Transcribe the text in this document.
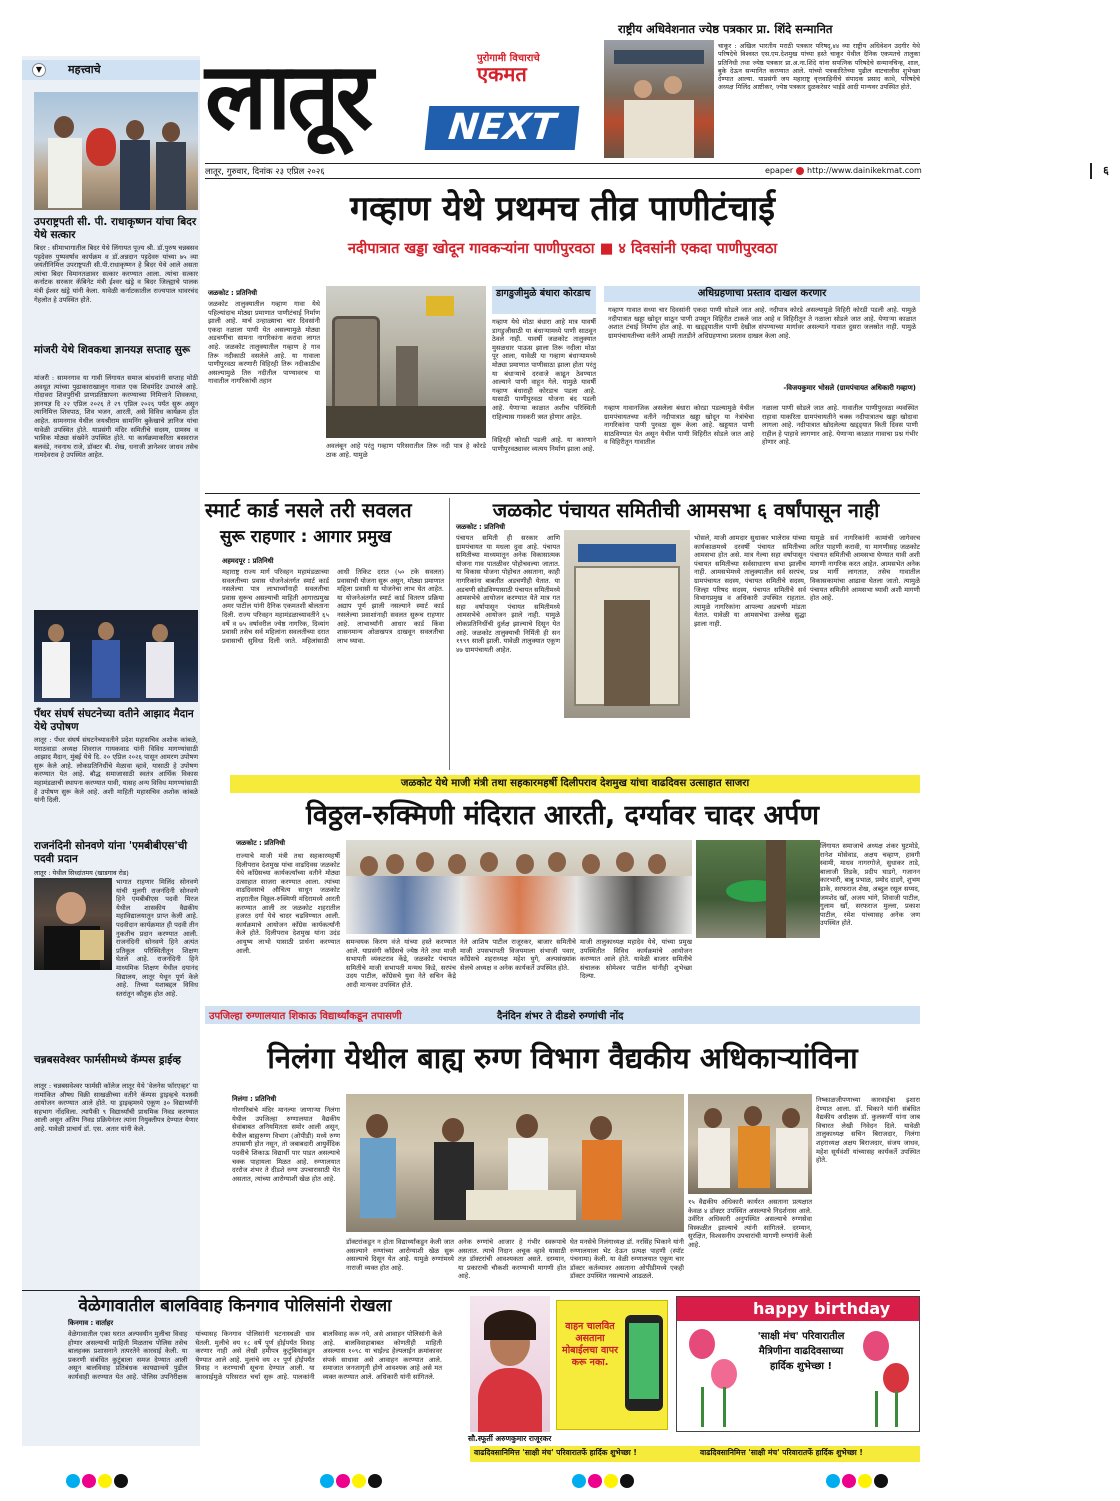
लातूर	पुरोगामी विचाराचे
एकमत
NEXT
राष्ट्रीय अधिवेशनात ज्येष्ठ पत्रकार प्रा. शिंदे सन्मानित
चाकूर : अखिल भारतीय मराठी पत्रकार परिषद्,४४ व्या राष्ट्रीय अधिवेशन उदगीर येथे परिषदेचे विश्वस्त एस.एम.देशमुख यांच्या हस्ते चाकूर येथील दैनिक एकमतचे तालुका प्रतिनिधी तथा ज्येष्ठ पत्रकार प्रा.अ.ना.शिंदे यांना सपत्निक परिषदेचे सन्मानचिन्ह, शाल, बुके देऊन सन्मानित करण्यात आले. यांच्यो पत्रकारितेच्या पुढील वाटचालीस शुभेच्छा देण्यात आल्या. याप्रसंगी जय महाराष्ट्र वृत्तवाहिनीचे संपादक प्रसाद काथे, परिषदेचे अध्यक्ष मिलिंद आष्टीकर, ज्येष्ठ पत्रकार दुळकरेसर भाईडे आदी मान्यवर उपस्थित होते.
लातूर, गुरुवार, दिनांक २३ एप्रिल २०२६	epaper http://www.dainikekmat.com	६
▼	महत्त्वाचे
उपराष्ट्रपती सी. पी. राधाकृष्णन यांचा बिदर येथे सत्कार
बिदर : सीमाभागातील बिदर येथे लिंगायत पूज्य श्री. डॉ.पुरुष चन्नबसव पट्टदेवरु पुष्पवर्षाव कार्यक्रम व डॉ.अन्नदान पट्टदेवरु यांच्या ७५ व्या जयंतीनिमित्त उपराष्ट्रपती सी.पी.राधाकृष्णन हे बिदर येथे आले असता त्यांचा बिदर विमानतळावर सत्कार करण्यात आला. त्यांचा सत्कार कर्नाटक सरकार कॅबिनेट मंत्री ईश्वर खंड्रे व बिदर जिल्ह्याचे पालक मंत्री ईश्वर खंड्रे यांनी केला. यावेळी कर्नाटकातील राज्यपाल थावरचंद गेहलोत हे उपस्थित होते.
मांजरी येथे शिवकथा ज्ञानयज्ञ सप्ताह सुरू
मांजरी : सामनगाव या गावी लिंगायत समाज बांधवांनी सप्ताह मोठी अवधूत त्यांच्या पुढाकाराखालून गावात एक शिवमंदिर उभारले आहे. गोदावरा शिवपुरीची प्राणप्रतिष्ठापना करण्याच्या निमित्ताने शिवकथा, ज्ञानयज्ञ दि २२ एप्रिल २०२६ ते २९ एप्रिल २०२६ पर्यंत सुरू असून त्यानिमित्त शिवपाठ, शिव भजन, आरती, असे विविध कार्यक्रम होत आहेत. सामनगाव येथील जयश्रीराम सामनिंग बुकेखाचे ज्ञानिज यांचा यावेळी उपस्थित होते. याप्रसंगी मंदिर समितीचे सदस्य, ग्रामस्थ व भाविक मोठ्या संख्येने उपस्थित होते. या कार्यक्रमाकरिता बसवराज बलवंडे, नवनाथ राजे, डॉक्टर बी. शेख, धनाजी ज्ञानेश्वर जाधव तसेच नामदेवराव हे उपस्थित आहेत.
पँथर संघर्ष संघटनेच्या वतीने आझाद मैदान येथे उपोषण
लातूर : पँथर संघर्ष संघटनेच्यावतीने प्रदेश महासचिव अशोक कांबळे, मराठवाडा अध्यक्ष शिवराज गायकवाड यांनी विविध मागण्यांसाठी आझाद मैदान, मुंबई येथे दि. २० एप्रिल २०२६ पासून आमरण उपोषण सुरू केले आहे. लोकप्रतिनिधींचे मेळावा व्हावे, यासाठी हे उपोषण करण्यात येत आहे. बौद्ध समाजासाठी स्वतंत्र आर्थिक विकास महामंडळाची स्थापना करण्यात यावी, यासह अन्य विविध मागण्यांसाठी हे उपोषण सुरू केले आहे. अशी माहिती महासचिव अशोक कांबळे यांनी दिली.
राजनंदिनी सोनवणे यांना 'एमबीबीएस'ची पदवी प्रदान
लातूर : येथील सिध्दांतमय (खाडगाव रोड)
भागात राहणार मिलिंद सोनवणे यांची मुलगी राजनंदिनी सोनवणे हिने एमबीबीएस पदवी मिरज येथील शासकीय वैद्यकीय महाविद्यालयातून प्राप्त केली आहे. पदवीदान कार्यक्रमात ही पदवी तीन नुकतीच प्रदान करण्यात आली. राजनंदिनी सोनवणे हिने अत्यंत प्रतिकूल परिस्थितीतून शिक्षण घेतले आहे. राजनंदिनी हिने माध्यमिक शिक्षण येथील दयानंद विद्यालय, लातूर येथून पूर्ण केले आहे. तिच्या यशाबद्दल विविध स्तरांतून कौतुक होत आहे.
चन्नबसवेश्वर फार्मसीमध्ये कॅम्पस ड्राईव्ह
लातूर : चन्नबसवेश्वर फार्मसी कॉलेज लातूर येथे 'वेलनेस फॉरएव्हर' या नामांकित औषध विक्री साखळीच्या वतीने कॅम्पस ड्राइव्हचे यशस्वी आयोजन करण्यात आले होते. या ड्राइव्हमध्ये एकूण ३० विद्यार्थ्यांनी सहभाग नोंदविला. त्यापैकी ९ विद्यार्थ्यांची प्राथमिक निवड करण्यात आली असून अंतिम निवड प्रक्रियेनंतर त्यांना नियुक्तीपत्र देण्यात येणार आहे. यावेळी प्राचार्य डॉ. एस. अतार यांनी केले.
गव्हाण येथे प्रथमच तीव्र पाणीटंचाई
नदीपात्रात खड्डा खोदून गावकऱ्यांना पाणीपुरवठा ■ ४ दिवसांनी एकदा पाणीपुरवठा
जळकोट : प्रतिनिधी
जळकोट तालुक्यातील गव्हाण गावा येथे पहिल्यांदाच मोठ्या प्रमाणात पाणीटंचाई निर्माण झाली आहे. मार्च उन्हाळ्याचा चार दिवसांनी एकदा नळाला पाणी येत असल्यामुळे मोठ्या अडचणींचा सामना नागरिकांना करावा लागत आहे. जळकोट तालुक्यातील गव्हाण हे गाव तिरू नदीकाठी वसलेले आहे. या गावाला पाणीपुरवठा करणारी विहिरही तिरू नदीकाठीच असल्यामुळे तिरु नदीतील पाण्यावरच या गावातील नागरिकांची तहान
अवलंबून आहे परंतु गव्हाण परिसरातील तिरू नदी पात्र हे कोरडे ठाक आहे. यामुळे
डागडुजीमुळे बंधारा कोरडाच
गव्हाण येथे मोठा बंधारा आहे मात्र यावर्षी डागडुजीसाठी या बंधाऱ्यामध्ये पाणी साठवून ठेवले नाही. यावर्षी जळकोट तालुक्यात मुसळधार पाऊस झाला तिरू नदीला मोठा पूर आला, यावेळी या गव्हाण बंधाऱ्यामध्ये मोठ्या प्रमाणात पाणीसाठा झाला होता परंतु या बंधाऱ्याचे दरवाजे काढून ठेवण्यात आल्याने पाणी वाहून गेले. यामुळे यावर्षी गव्हाण बंधाराही कोरडाच पडला आहे. यासाठी पाणीपुरवठा योजना बंद पडली आहे. येणाऱ्या काळात अशीच परिस्थिती राहिल्यास गावकरी त्रस्त होणार आहेत.
विहिरही कोरडी पडली आहे. या कारणाने पाणीपुरवठ्यावर व्यत्यय निर्माण झाला आहे.
अधिग्रहणाचा प्रस्ताव दाखल करणार
गव्हाण गावात सध्या चार दिवसांनी एकदा पाणी सोडले जात आहे. नदीपात्र कोरडे असल्यामुळे विहिरी कोरडी पडली आहे. यामुळे नदीपात्रात खड्डा खोदून साठून पाणी उपसून विहिरीत टाकले जात आहे व विहिरीतून ते नळाला सोडले जात आहे. येणाऱ्या काळात अशात टंचाई निर्माण होत आहे. या खड्ड्यातील पाणी देखील संपण्याच्या मार्गावर असल्याने गावात दुसरा जलस्रोत नाही. यामुळे ग्रामपंचायतीच्या वतीने आम्ही तातडीने अधिग्रहणाचा प्रस्ताव दाखल केला आहे.
-विजयकुमार भोसले (ग्रामपंचायत अधिकारी गव्हाण)
गव्हाण गावानजिक असलेला बंधारा कोरडा पडल्यामुळे येथील ग्रामपंचायतच्या वतीने नदीपात्रात खड्डा खोदून या नेत्रांचेचा नागरिकांना पाणी पुरवठा सुरू केला आहे. खड्डयात पाणी साठविण्यात येत असून येथील पाणी विहिरीत सोडले जात आहे व विहिरीतून गावातील
नळाला पाणी सोडले जात आहे. गावातील पाणीपुरवठा व्यवस्थित राहावा याकरिता ग्रामपंचायतीने चक्क नदीपात्रातच खड्डा खोदावा लागला आहे. नदीपात्रात खोदलेल्या खड्ड्यात किती दिवस पाणी राहील हे पाहावे लागणार आहे. येणाऱ्या काळात गावाचा प्रश्न गंभीर होणार आहे.
स्मार्ट कार्ड नसले तरी सवलत
सुरू राहणार : आगार प्रमुख
अहमदपूर : प्रतिनिधी
महाराष्ट्र राज्य मार्ग परिवहन महामंडळाच्या सवलतीच्या प्रवास योजनेअंतर्गत स्मार्ट कार्ड नसलेल्या पात्र लाभार्थ्यांनाही सवलतीचा प्रवास सुरूच असल्याची माहिती आगारप्रमुख अमर पाटील यांनी दैनिक एकमतशी बोलताना दिली. राज्य परिवहन महामंडळाच्यावतीने ६५ वर्षे व ७५ वर्षावरील ज्येष्ठ नागरिक, दिव्यांग प्रवासी तसेच सर्व महिलांना सवलतीच्या दरात प्रवासाची सुविधा दिली जाते. महिलांसाठी आधी तिकिट दरात (५० टके सवलत) प्रवासाची योजना सुरू असून, मोठ्या प्रमाणात महिला प्रवासी या योजनेचा लाभ घेत आहेत. या योजनेअंतर्गत स्मार्ट कार्ड वितरण प्रक्रिया अद्याप पूर्ण झाली नसल्याने स्मार्ट कार्ड नसलेल्या प्रवाशांनाही सवलत सुरूच राहणार आहे. लाभार्थ्यांनी आधार कार्ड किंवा शासनमान्य ओळखपत्र दाखवून सवलतीचा लाभ घ्यावा.
जळकोट पंचायत समितीची आमसभा ६ वर्षांपासून नाही
जळकोट : प्रतिनिधी
पंचायत समिती ही सरकार आणि ग्रामपंचायत या मधला दुवा आहे. पंचायत समितीच्या माध्यमातून अनेक विकासात्मक योजना गाव पातळीवर पोहोचवल्या जातात. या विकास योजना पोहोचत असताना, काही नागरिकांना बाबतीत अडचणीही येतात. या अडचणी सोडविण्यासाठी पंचायत समितीमध्ये आमसभेचे आयोजन करण्यात येते मात्र गत सहा वर्षापासून पंचायत समितीमध्ये आमसभेचे आयोजन झाले नाही. यामुळे लोकप्रतिनिधींची दुर्लक्ष झाल्याचे दिसून येत आहे. जळकोट तालुक्याची निर्मिती ही सन १९९९ साली झाली. यावेळी तालुक्यात एकूण ४७ ग्रामपंचायती आहेत.
भोसले, माजी आमदार सुधाकर भालेराव यांच्या कार्यकाळमध्ये दरवर्षी पंचायत समितीच्या आमसभा होत असे. मात्र गेल्या सहा वर्षापासून पंचायत समितीच्या सर्वसाधारण सभा झालीच नाही. आमसभेमध्ये तालुक्यातील सर्व सरपंच, ग्रामपंचायत सदस्य, पंचायत समितीचे सदस्य, जिल्हा परिषद सदस्य, पंचायत समितीचे सर्व विभागप्रमुख व अधिकारी उपस्थित राहतात. त्यामुळे नागरिकांना आपल्या अडचणी मांडता येतात. यावेळी या आमसभेचा उल्लेख सुद्धा झाला नाही.
यामुळे सर्व नागरिकांनी कामांची जागेवरच त्वरित पाहणी करावी, या मागणीसह जळकोट पंचायत समितीची आमसभा घेण्यात यावी अशी मागणी नागरिक करत आहेत. आमसभेत अनेक प्रश्न मार्गी लागतात, तसेच गावातील विकासकामांचा आढावा घेतला जातो. त्यामुळे पंचायत समितीने आमसभा घ्यावी अशी मागणी होत आहे.
जळकोट येथे माजी मंत्री तथा सहकारमहर्षी दिलीपराव देशमुख यांचा वाढदिवस उत्साहात साजरा
विठ्ठल-रुक्मिणी मंदिरात आरती, दर्ग्यावर चादर अर्पण
जळकोट : प्रतिनिधी
राज्याचे माजी मंत्री तथा सहकारमहर्षी दिलीपराव देशमुख यांचा वाढदिवस जळकोट येथे काँग्रेसच्या कार्यकर्त्यांच्या वतीने मोठ्या उत्साहात साजरा करण्यात आला. त्यांच्या वाढदिवसाचे औचित्य साधून जळकोट शहरातील विठ्ठल-रुक्मिणी मंदिरामध्ये आरती करण्यात आली तर जळकोट शहरातील हजरत दर्गा येथे चादर चढविण्यात आली. कार्यक्रमाचे आयोजन काँग्रेस कार्यकर्त्यांनी केले होते. दिलीपराव देशमुख यांना उदंड आयुष्य लाभो यासाठी प्रार्थना करण्यात आली.
समन्वयक किरण वंजे यांच्या हस्ते करण्यात आले. याप्रसंगी काँग्रेसचे ज्येष्ठ नेते तथा माजी सभापती व्यंकटराव केंद्रे, जळकोट पंचायत समितीचे माजी सभापती मन्मथ किडे, सरपंच उदय पाटील, काँग्रेसचे युवा नेते सचिन केंद्रे आदी मान्यवर उपस्थित होते.
नेते आशिष पाटील राजूरकर, बाजार समितीचे माजी उपसभापती विजयमाला संभाजी पवार, काँग्रेसचे शहराध्यक्ष महेश घुगे, अल्पसंख्यांक सेलचे अध्यक्ष व अनेक कार्यकर्ते उपस्थित होते.
माजी तालुकाध्यक्ष महादेव येथे, यांच्या प्रमुख उपस्थितीत विविध कार्यक्रमांचे आयोजन करण्यात आले होते. यावेळी बाजार समितीचे संचालक सोमेश्वर पाटील यांनीही शुभेच्छा दिल्या.
लिंगायत समाजाचे अध्यक्ष शंकर घुटमोडे, रानेश मोसेवाड, अक्षय चव्हाण, हावगी स्वामी, माधव नागरगोजे, सुधाकर ताडे, बालाजी तिडके, प्रदीप घाडगे, गजानन कारभारी, बाबु प्रभाळ, प्रमोद दाडगे, शुभम डाके, सरफराज शेख, अब्दुल रसूल सय्यद, जमशेद खाँ, अजय भांगे, शिवाजी पाटील, गुलाम खाँ, सरफराज मुल्ला, प्रकाश पाटील, रमेश यांच्यासह अनेक जण उपस्थित होते.
उपजिल्हा रुग्णालयात शिकाऊ विद्यार्थ्यांकडून तपासणी	दैनंदिन शंभर ते दीडशे रुग्णांची नोंद
निलंगा येथील बाह्य रुग्ण विभाग वैद्यकीय अधिकाऱ्यांविना
निलंगा : प्रतिनिधी
गोरगरिबांचे मंदिर मानल्या जाणाऱ्या निलंगा येथील उपजिल्हा रुग्णालयात वैद्यकीय सेवांबाबत अनियमितता समोर आली असून, येथील बाह्यरुग्ण विभाग (ओपीडी) मध्ये रुग्ण तपासणी होत नसून, तो जबाबदारी आयुर्वेदिक पदवीचे शिकाऊ विद्यार्थी पार पाडत असल्याचे चक्क पाहायला मिळत आहे. रुग्णालयात दररोज शंभर ते दीडशे रुग्ण उपचारासाठी येत असतात, त्यांच्या आरोग्याशी खेळ होत आहे.
डॉक्टरांकडून न होता विद्यार्थ्यांकडून केली जात असल्याने रुग्णांच्या आरोग्याशी खेळ सुरू असल्याचे दिसून येत आहे. यामुळे रुग्णांमध्ये नाराजी व्यक्त होत आहे.
अनेक रुग्णांचे आजार हे गंभीर स्वरूपाचे असतात. त्याचे निदान अचूक व्हावे यासाठी तज्ञ डॉक्टरांची आवश्यकता असते. दरम्यान, या प्रकाराची चौकशी करण्याची मागणी होत आहे.
घेत मनसेचे निलंगाध्यक्ष डॉ. नरसिंह भिकाने यांनी रुग्णालयाला भेट देऊन प्रत्यक्ष पाहणी (स्पॉट पंचनामा) केली. या वेळी रुग्णालयात एकूण चार डॉक्टर कर्तव्यावर असताना ओपीडीमध्ये एकही डॉक्टर उपस्थित नसल्याचे आढळले.
१५ वैद्यकीय अधिकारी कार्यरत असताना प्रत्यक्षात केवळ ४ डॉक्टर उपस्थित असल्याचे निदर्शनास आले. उर्वरित अधिकारी अनुपस्थित असल्याचे रुग्णसेवा विस्कळीत झाल्याचे त्यांनी सांगितले. दरम्यान, सुरक्षित, विश्वसनीय उपचारांची मागणी रुग्णांनी केली आहे.
निष्काळजीपणाच्या कारवाईचा इशारा देण्यात आला. डॉ. भिकाने यांनी संबंधित वैद्यकीय अधीक्षक डॉ. कुलकर्णी यांना जाब विचारत लेखी निवेदन दिले. यावेळी तालुकाध्यक्ष सचिन बिराजदार, निलंगा शहराध्यक्ष अक्षय बिराजदार, संजय जाधव, महेश सूर्यवंशी यांच्यासह कार्यकर्ते उपस्थित होते.
वेळेगावातील बालविवाह किनगाव पोलिसांनी रोखला
किनगाव : वार्ताहर
वेळेगावातील एका घरात अल्पवयीन मुलीचा विवाह होणार असल्याची माहिती मिळताच पोलिस तसेच बालहक्क प्रशासनाने तत्परतेने कारवाई केली. या प्रकरणी संबंधित कुटुंबाला समज देण्यात आली असून बालविवाह प्रतिबंधक कायद्यान्वये पुढील कार्यवाही करण्यात येत आहे. पोलिस उपनिरीक्षक यांच्यासह किनगाव पोलिसांनी घटनास्थळी धाव घेतली. मुलीचे वय १८ वर्षे पूर्ण होईपर्यंत विवाह करणार नाही असे लेखी हमीपत्र कुटुंबियांकडून घेण्यात आले आहे. मुलांचे वय २१ पूर्ण होईपर्यंत विवाह न करण्याची सूचना देण्यात आली. या कारवाईमुळे परिसरात चर्चा सुरू आहे. पालकांनी बालविवाह करू नये, असे आवाहन पोलिसांनी केले आहे. बालविवाहाबाबत कोणतीही माहिती असल्यास १०९८ या चाईल्ड हेल्पलाईन क्रमांकावर संपर्क साधावा असे आवाहन करण्यात आले. समाजात जनजागृती होणे आवश्यक आहे असे मत व्यक्त करण्यात आले. अधिकारी यांनी सांगितले.
सौ.स्फूर्ती अरुणकुमार राजूरकर
वाहन चालवित असताना मोबाईलचा वापर करू नका.
happy birthday
'साक्षी मंच' परिवारातील मैत्रिणीना वाढदिवसाच्या हार्दिक शुभेच्छा !
वाढदिवसानिमित्त 'साक्षी मंच' परिवारातर्फे हार्दिक शुभेच्छा !	वाढदिवसानिमित्त 'साक्षी मंच' परिवारातर्फे हार्दिक शुभेच्छा !
